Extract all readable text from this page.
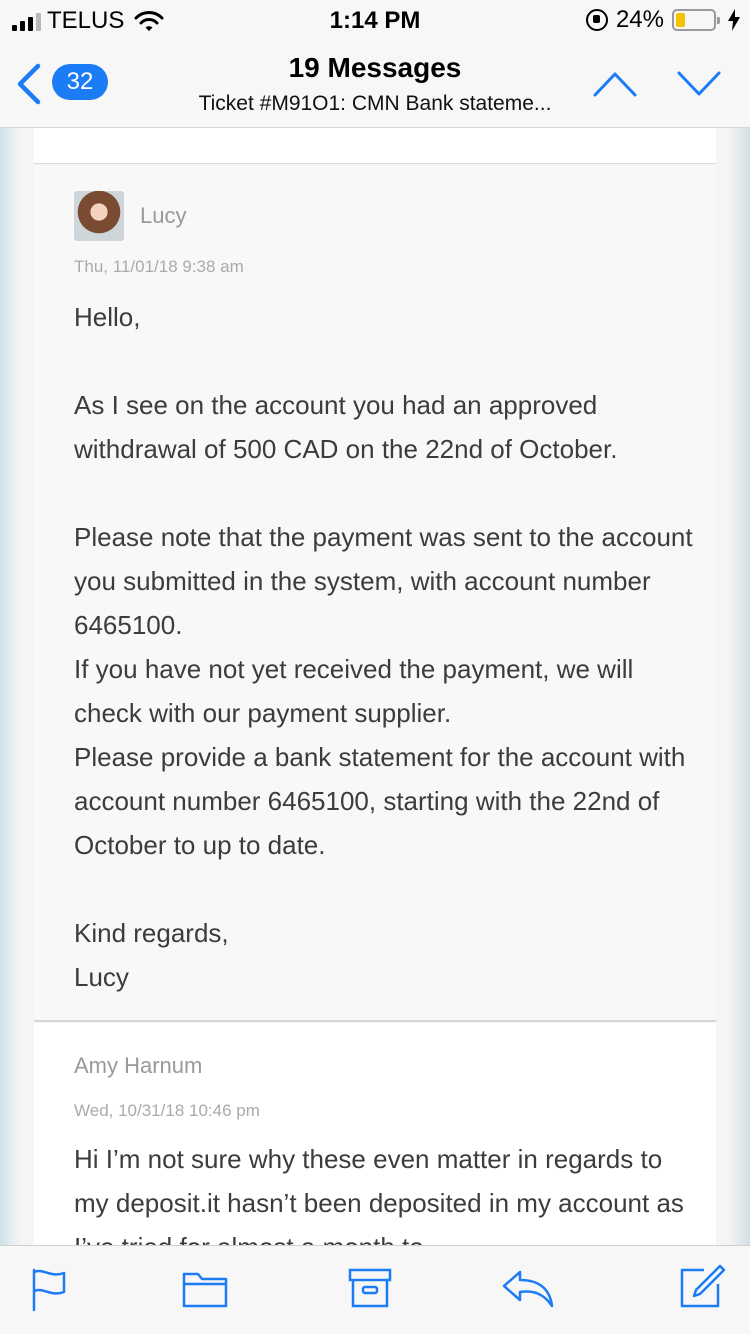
TELUS	1:14 PM	24%
32	19 Messages
Ticket #M91O1: CMN Bank stateme...
Lucy
Thu, 11/01/18 9:38 am

Hello,

As I see on the account you had an approved withdrawal of 500 CAD on the 22nd of October.

Please note that the payment was sent to the account you submitted in the system, with account number 6465100.
If you have not yet received the payment, we will check with our payment supplier.
Please provide a bank statement for the account with account number 6465100, starting with the 22nd of October to up to date.

Kind regards,
Lucy

Amy Harnum
Wed, 10/31/18 10:46 pm

Hi I’m not sure why these even matter in regards to my deposit.it hasn’t been deposited in my account as
